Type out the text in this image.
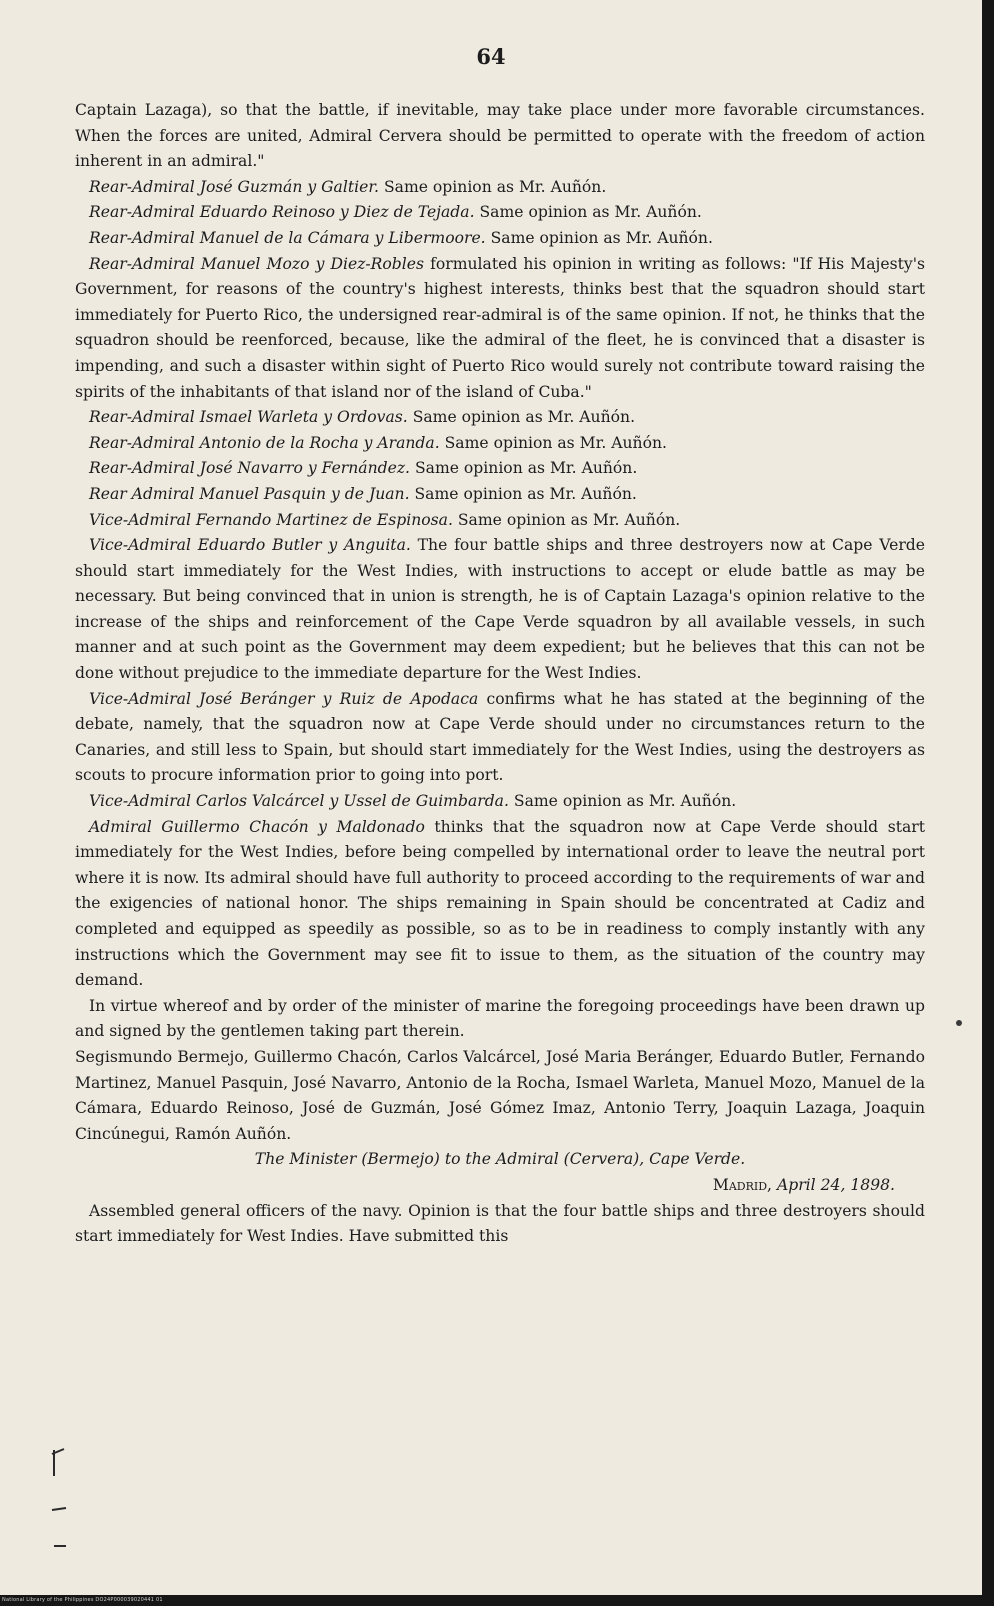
64

Captain Lazaga), so that the battle, if inevitable, may take place under more favorable circumstances. When the forces are united, Admiral Cervera should be permitted to operate with the freedom of action inherent in an admiral."

Rear-Admiral José Guzmán y Galtier. Same opinion as Mr. Auñón.

Rear-Admiral Eduardo Reinoso y Diez de Tejada. Same opinion as Mr. Auñón.

Rear-Admiral Manuel de la Cámara y Libermoore. Same opinion as Mr. Auñón.

Rear-Admiral Manuel Mozo y Diez-Robles formulated his opinion in writing as follows: "If His Majesty's Government, for reasons of the country's highest interests, thinks best that the squadron should start immediately for Puerto Rico, the undersigned rear-admiral is of the same opinion. If not, he thinks that the squadron should be reenforced, because, like the admiral of the fleet, he is convinced that a disaster is impending, and such a disaster within sight of Puerto Rico would surely not contribute toward raising the spirits of the inhabitants of that island nor of the island of Cuba."

Rear-Admiral Ismael Warleta y Ordovas. Same opinion as Mr. Auñón.

Rear-Admiral Antonio de la Rocha y Aranda. Same opinion as Mr. Auñón.

Rear-Admiral José Navarro y Fernández. Same opinion as Mr. Auñón.

Rear Admiral Manuel Pasquin y de Juan. Same opinion as Mr. Auñón.

Vice-Admiral Fernando Martinez de Espinosa. Same opinion as Mr. Auñón.

Vice-Admiral Eduardo Butler y Anguita. The four battle ships and three destroyers now at Cape Verde should start immediately for the West Indies, with instructions to accept or elude battle as may be necessary. But being convinced that in union is strength, he is of Captain Lazaga's opinion relative to the increase of the ships and reinforcement of the Cape Verde squadron by all available vessels, in such manner and at such point as the Government may deem expedient; but he believes that this can not be done without prejudice to the immediate departure for the West Indies.

Vice-Admiral José Beránger y Ruiz de Apodaca confirms what he has stated at the beginning of the debate, namely, that the squadron now at Cape Verde should under no circumstances return to the Canaries, and still less to Spain, but should start immediately for the West Indies, using the destroyers as scouts to procure information prior to going into port.

Vice-Admiral Carlos Valcárcel y Ussel de Guimbarda. Same opinion as Mr. Auñón.

Admiral Guillermo Chacón y Maldonado thinks that the squadron now at Cape Verde should start immediately for the West Indies, before being compelled by international order to leave the neutral port where it is now. Its admiral should have full authority to proceed according to the requirements of war and the exigencies of national honor. The ships remaining in Spain should be concentrated at Cadiz and completed and equipped as speedily as possible, so as to be in readiness to comply instantly with any instructions which the Government may see fit to issue to them, as the situation of the country may demand.

In virtue whereof and by order of the minister of marine the foregoing proceedings have been drawn up and signed by the gentlemen taking part therein.

Segismundo Bermejo, Guillermo Chacón, Carlos Valcárcel, José Maria Beránger, Eduardo Butler, Fernando Martinez, Manuel Pasquin, José Navarro, Antonio de la Rocha, Ismael Warleta, Manuel Mozo, Manuel de la Cámara, Eduardo Reinoso, José de Guzmán, José Gómez Imaz, Antonio Terry, Joaquin Lazaga, Joaquin Cincúnegui, Ramón Auñón.

The Minister (Bermejo) to the Admiral (Cervera), Cape Verde.

Madrid, April 24, 1898.

Assembled general officers of the navy. Opinion is that the four battle ships and three destroyers should start immediately for West Indies. Have submitted this

National Library of the Philippines DO24P000039020441 01
